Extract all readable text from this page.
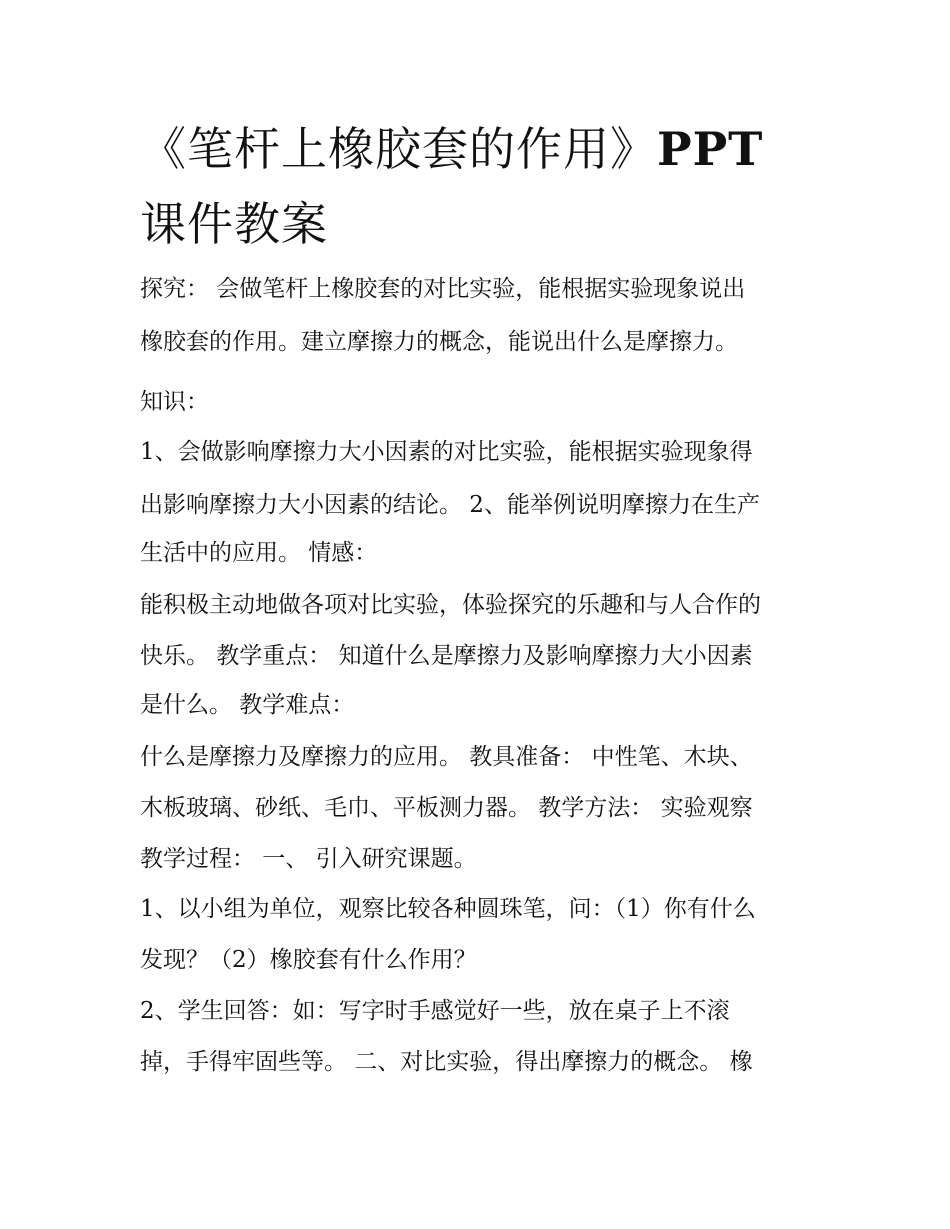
《笔杆上橡胶套的作用》PPT
课件教案
探究： 会做笔杆上橡胶套的对比实验，能根据实验现象说出
橡胶套的作用。建立摩擦力的概念，能说出什么是摩擦力。
知识：
1、会做影响摩擦力大小因素的对比实验，能根据实验现象得
出影响摩擦力大小因素的结论。 2、能举例说明摩擦力在生产
生活中的应用。 情感：
能积极主动地做各项对比实验，体验探究的乐趣和与人合作的
快乐。 教学重点： 知道什么是摩擦力及影响摩擦力大小因素
是什么。 教学难点：
什么是摩擦力及摩擦力的应用。 教具准备： 中性笔、木块、
木板玻璃、砂纸、毛巾、平板测力器。 教学方法： 实验观察
教学过程： 一、 引入研究课题。
1、以小组为单位，观察比较各种圆珠笔，问：（1）你有什么
发现？（2）橡胶套有什么作用？
2、学生回答：如：写字时手感觉好一些，放在桌子上不滚
掉，手得牢固些等。 二、对比实验，得出摩擦力的概念。 橡
